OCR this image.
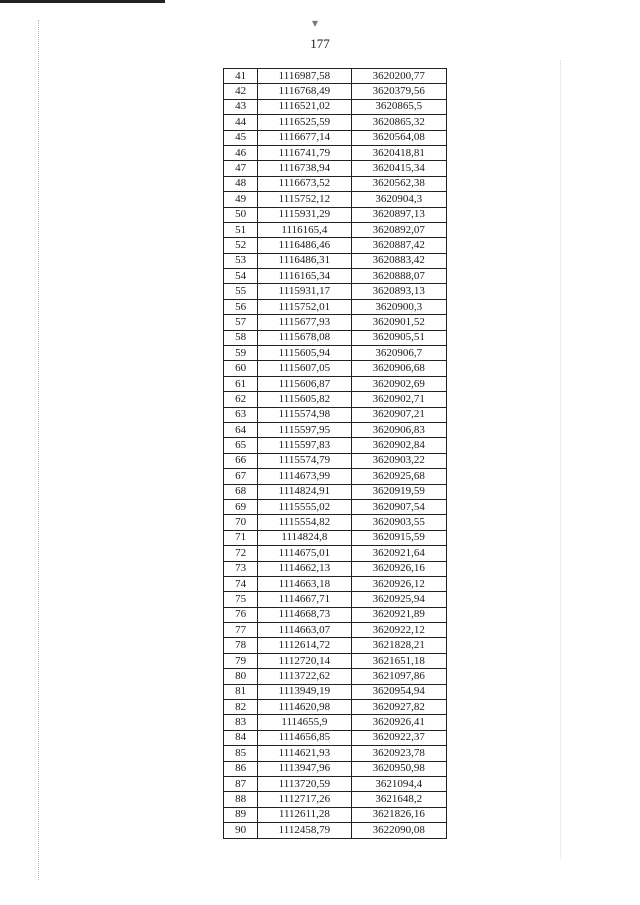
▾
177
41	1116987,58	3620200,77
42	1116768,49	3620379,56
43	1116521,02	3620865,5
44	1116525,59	3620865,32
45	1116677,14	3620564,08
46	1116741,79	3620418,81
47	1116738,94	3620415,34
48	1116673,52	3620562,38
49	1115752,12	3620904,3
50	1115931,29	3620897,13
51	1116165,4	3620892,07
52	1116486,46	3620887,42
53	1116486,31	3620883,42
54	1116165,34	3620888,07
55	1115931,17	3620893,13
56	1115752,01	3620900,3
57	1115677,93	3620901,52
58	1115678,08	3620905,51
59	1115605,94	3620906,7
60	1115607,05	3620906,68
61	1115606,87	3620902,69
62	1115605,82	3620902,71
63	1115574,98	3620907,21
64	1115597,95	3620906,83
65	1115597,83	3620902,84
66	1115574,79	3620903,22
67	1114673,99	3620925,68
68	1114824,91	3620919,59
69	1115555,02	3620907,54
70	1115554,82	3620903,55
71	1114824,8	3620915,59
72	1114675,01	3620921,64
73	1114662,13	3620926,16
74	1114663,18	3620926,12
75	1114667,71	3620925,94
76	1114668,73	3620921,89
77	1114663,07	3620922,12
78	1112614,72	3621828,21
79	1112720,14	3621651,18
80	1113722,62	3621097,86
81	1113949,19	3620954,94
82	1114620,98	3620927,82
83	1114655,9	3620926,41
84	1114656,85	3620922,37
85	1114621,93	3620923,78
86	1113947,96	3620950,98
87	1113720,59	3621094,4
88	1112717,26	3621648,2
89	1112611,28	3621826,16
90	1112458,79	3622090,08
